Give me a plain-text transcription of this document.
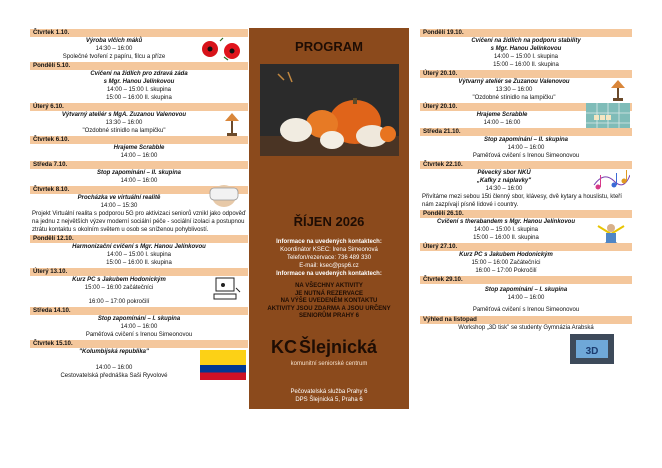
Čtvrtek 1.10.
Výroba vlčích máků
14:30 – 16:00
Společné tvoření z papíru, filcu a příze
Pondělí 5.10.
Cvičení na židlích pro zdravá záda
s Mgr. Hanou Jelínkovou
14:00 – 15:00 I. skupina
15:00 – 16:00 II. skupina
Úterý 6.10.
Výtvarný ateliér s MgA. Zuzanou Valenovou
13:30 – 16:00
"Ozdobné stínidlo na lampičku"
Čtvrtek 6.10.
Hrajeme Scrabble
14:00 – 16:00
Středa 7.10.
Stop zapomínání – II. skupina
14:00 – 16:00
Čtvrtek 8.10.
Procházka ve virtuální realitě
14:00 – 15:30
Projekt Virtuální realita s podporou 5G pro aktivizaci seniorů vznikl jako odpověď na jednu z největších výzev moderní sociální péče - sociální izolaci a postupnou ztrátu kontaktu s okolním světem u osob se sníženou pohyblivostí.
Pondělí 12.10.
Harmonizační cvičení s Mgr. Hanou Jelínkovou
14:00 – 15:00 I. skupina
15:00 – 16:00 II. skupina
Úterý 13.10.
Kurz PC s Jakubem Hodonickým
15:00 – 16:00 začátečníci
16:00 – 17:00 pokročilí
Středa 14.10.
Stop zapomínání – I. skupina
14:00 – 16:00
Paměťová cvičení s Irenou Simeonovou
Čtvrtek 15.10.
"Kolumbijská republika"
14:00 – 16:00
Cestovatelská přednáška Saši Ryvolové
PROGRAM
ŘÍJEN 2026
Informace na uvedených kontaktech:
Koordinátor KSEC: Irena Simeonová
Telefon/rezervace: 736 489 330
E-mail: ksec@psp6.cz
Informace na uvedených kontaktech:
NA VŠECHNY AKTIVITY
JE NUTNÁ REZERVACE
NA VÝŠE UVEDENÉM KONTAKTU
AKTIVITY JSOU ZDARMA A JSOU URČENY
SENIORŮM PRAHY 6
KC Šlejnická
komunitní seniorské centrum
Pečovatelská služba Prahy 6
DPS Šlejnická 5, Praha 6
Pondělí 19.10.
Cvičení na židlích na podporu stability
s Mgr. Hanou Jelínkovou
14:00 – 15:00 I. skupina
15:00 – 16:00 II. skupina
Úterý 20.10.
Výtvarný ateliér se Zuzanou Valenovou
13:30 – 16:00
"Ozdobné stínidlo na lampičku"
Úterý 20.10.
Hrajeme Scrabble
14:00 – 16:00
Středa 21.10.
Stop zapomínání – II. skupina
14:00 – 16:00
Paměťová cvičení s Irenou Simeonovou
Čtvrtek 22.10.
Pěvecký sbor NKÚ
„Kafky z náplavky"
14:30 – 16:00
Přivítáme mezi sebou 15ti členný sbor, klávesy, dvě kytary a houslistu, kteří nám zazpívají písně lidové i country.
Pondělí 26.10.
Cvičení s therabandem s Mgr. Hanou Jelínkovou
14:00 – 15:00 I. skupina
15:00 – 16:00 II. skupina
Úterý 27.10.
Kurz PC s Jakubem Hodonickým
15:00 – 16:00 Začátečníci
16:00 – 17:00 Pokročilí
Čtvrtek 29.10.
Stop zapomínání – I. skupina
14:00 – 16:00
Paměťová cvičení s Irenou Simeonovou
Výhled na listopad
Workshop „3D tisk" se studenty Gymnázia Arabská
3D
